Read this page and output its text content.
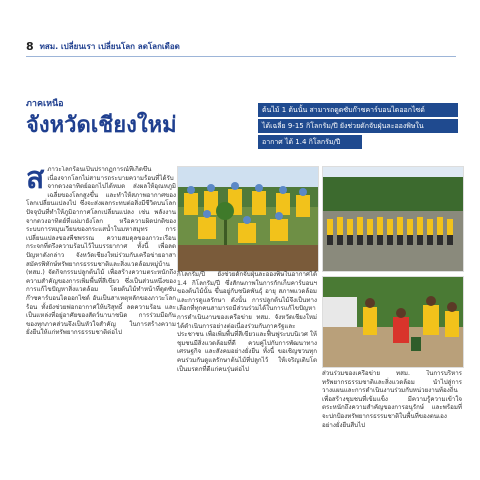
8 ทสม. เปลี่ยนเรา เปลี่ยนโลก ลดโลกเดือด
ภาคเหนือ
จังหวัดเชียงใหม่
ต้นไม้ 1 ต้นนั้น สามารถดูดซับก๊าซคาร์บอนไดออกไซด์
ได้เฉลี่ย 9-15 กิโลกรัม/ปี ยังช่วยดักจับฝุ่นละอองพิษใน
อากาศ ได้ 1.4 กิโลกรัม/ปี
ส ภาวะโลกร้อนเป็นปรากฏการณ์ที่เกิดขึ้น เนื่องจากโลกไม่สามารถระบายความร้อนที่ได้รับจากดวงอาทิตย์ออกไปได้หมด ส่งผลให้อุณหภูมิเฉลี่ยของโลกสูงขึ้น และทำให้สภาพอากาศของโลกเปลี่ยนแปลงไป ซึ่งจะส่งผลกระทบต่อสิ่งมีชีวิตบนโลก ปัจจุบันที่ทำให้ภูมิอากาศโลกเปลี่ยนแปลง เช่น พลังงานจากดวงอาทิตย์ที่แผ่มายังโลก หรือความผิดปกติของระบบการหมุนเวียนของกระแสน้ำในมหาสมุทร การเปลี่ยนแปลงของพืชพรรณ ความสมดุลของภาวะเรือนกระจกที่ตรึงความร้อนไว้ในบรรยากาศ ทั้งนี้ เพื่อลดปัญหาดังกล่าว จังหวัดเชียงใหม่ร่วมกับเครือข่ายอาสาสมัครพิทักษ์ทรัพยากรธรรมชาติและสิ่งแวดล้อมหมู่บ้าน (ทสม.) จัดกิจกรรมปลูกต้นไม้ เพื่อสร้างความตระหนักถึงความสำคัญของการเพิ่มพื้นที่สีเขียว ซึ่งเป็นส่วนหนึ่งของการแก้ไขปัญหาสิ่งแวดล้อม โดยต้นไม้ทำหน้าที่ดูดซับก๊าซคาร์บอนไดออกไซด์ อันเป็นสาเหตุหลักของภาวะโลกร้อน ทั้งยังช่วยฟอกอากาศให้บริสุทธิ์ ลดความร้อน และเป็นแหล่งที่อยู่อาศัยของสัตว์นานาชนิด การร่วมมือกันของทุกภาคส่วนจึงเป็นหัวใจสำคัญ ในการสร้างความยั่งยืนให้แก่ทรัพยากรธรรมชาติต่อไป
กิโลกรัม/ปี ยังช่วยดักจับฝุ่นละอองพิษในอากาศได้ 1.4 กิโลกรัม/ปี ซึ่งสักษภาพในการกักเก็บคาร์บอนฯ ของต้นไม้นั้น ขึ้นอยู่กับชนิดพันธุ์ อายุ สภาพแวดล้อม และการดูแลรักษา ดังนั้น การปลูกต้นไม้จึงเป็นทางเลือกที่ทุกคนสามารถมีส่วนร่วมได้ในการแก้ไขปัญหา การดำเนินงานของเครือข่าย ทสม. จังหวัดเชียงใหม่ ได้ดำเนินการอย่างต่อเนื่องร่วมกับภาครัฐและประชาชน เพื่อเพิ่มพื้นที่สีเขียวและฟื้นฟูระบบนิเวศ ให้ชุมชนมีสิ่งแวดล้อมที่ดี ควบคู่ไปกับการพัฒนาทางเศรษฐกิจ และสังคมอย่างยั่งยืน ทั้งนี้ ขอเชิญชวนทุกคนร่วมกันดูแลรักษาต้นไม้ที่ปลูกไว้ ให้เจริญเติบโตเป็นมรดกที่ดีแก่คนรุ่นต่อไป
ส่วนร่วมของเครือข่าย ทสม. ในการบริหารทรัพยากรธรรมชาติและสิ่งแวดล้อม นำไปสู่การวางแผนและการดำเนินงานร่วมกับหน่วยงานท้องถิ่น เพื่อสร้างชุมชนที่เข้มแข็ง มีความรู้ความเข้าใจ ตระหนักถึงความสำคัญของการอนุรักษ์ และพร้อมที่จะปกป้องทรัพยากรธรรมชาติในพื้นที่ของตนเอง อย่างยั่งยืนสืบไป
